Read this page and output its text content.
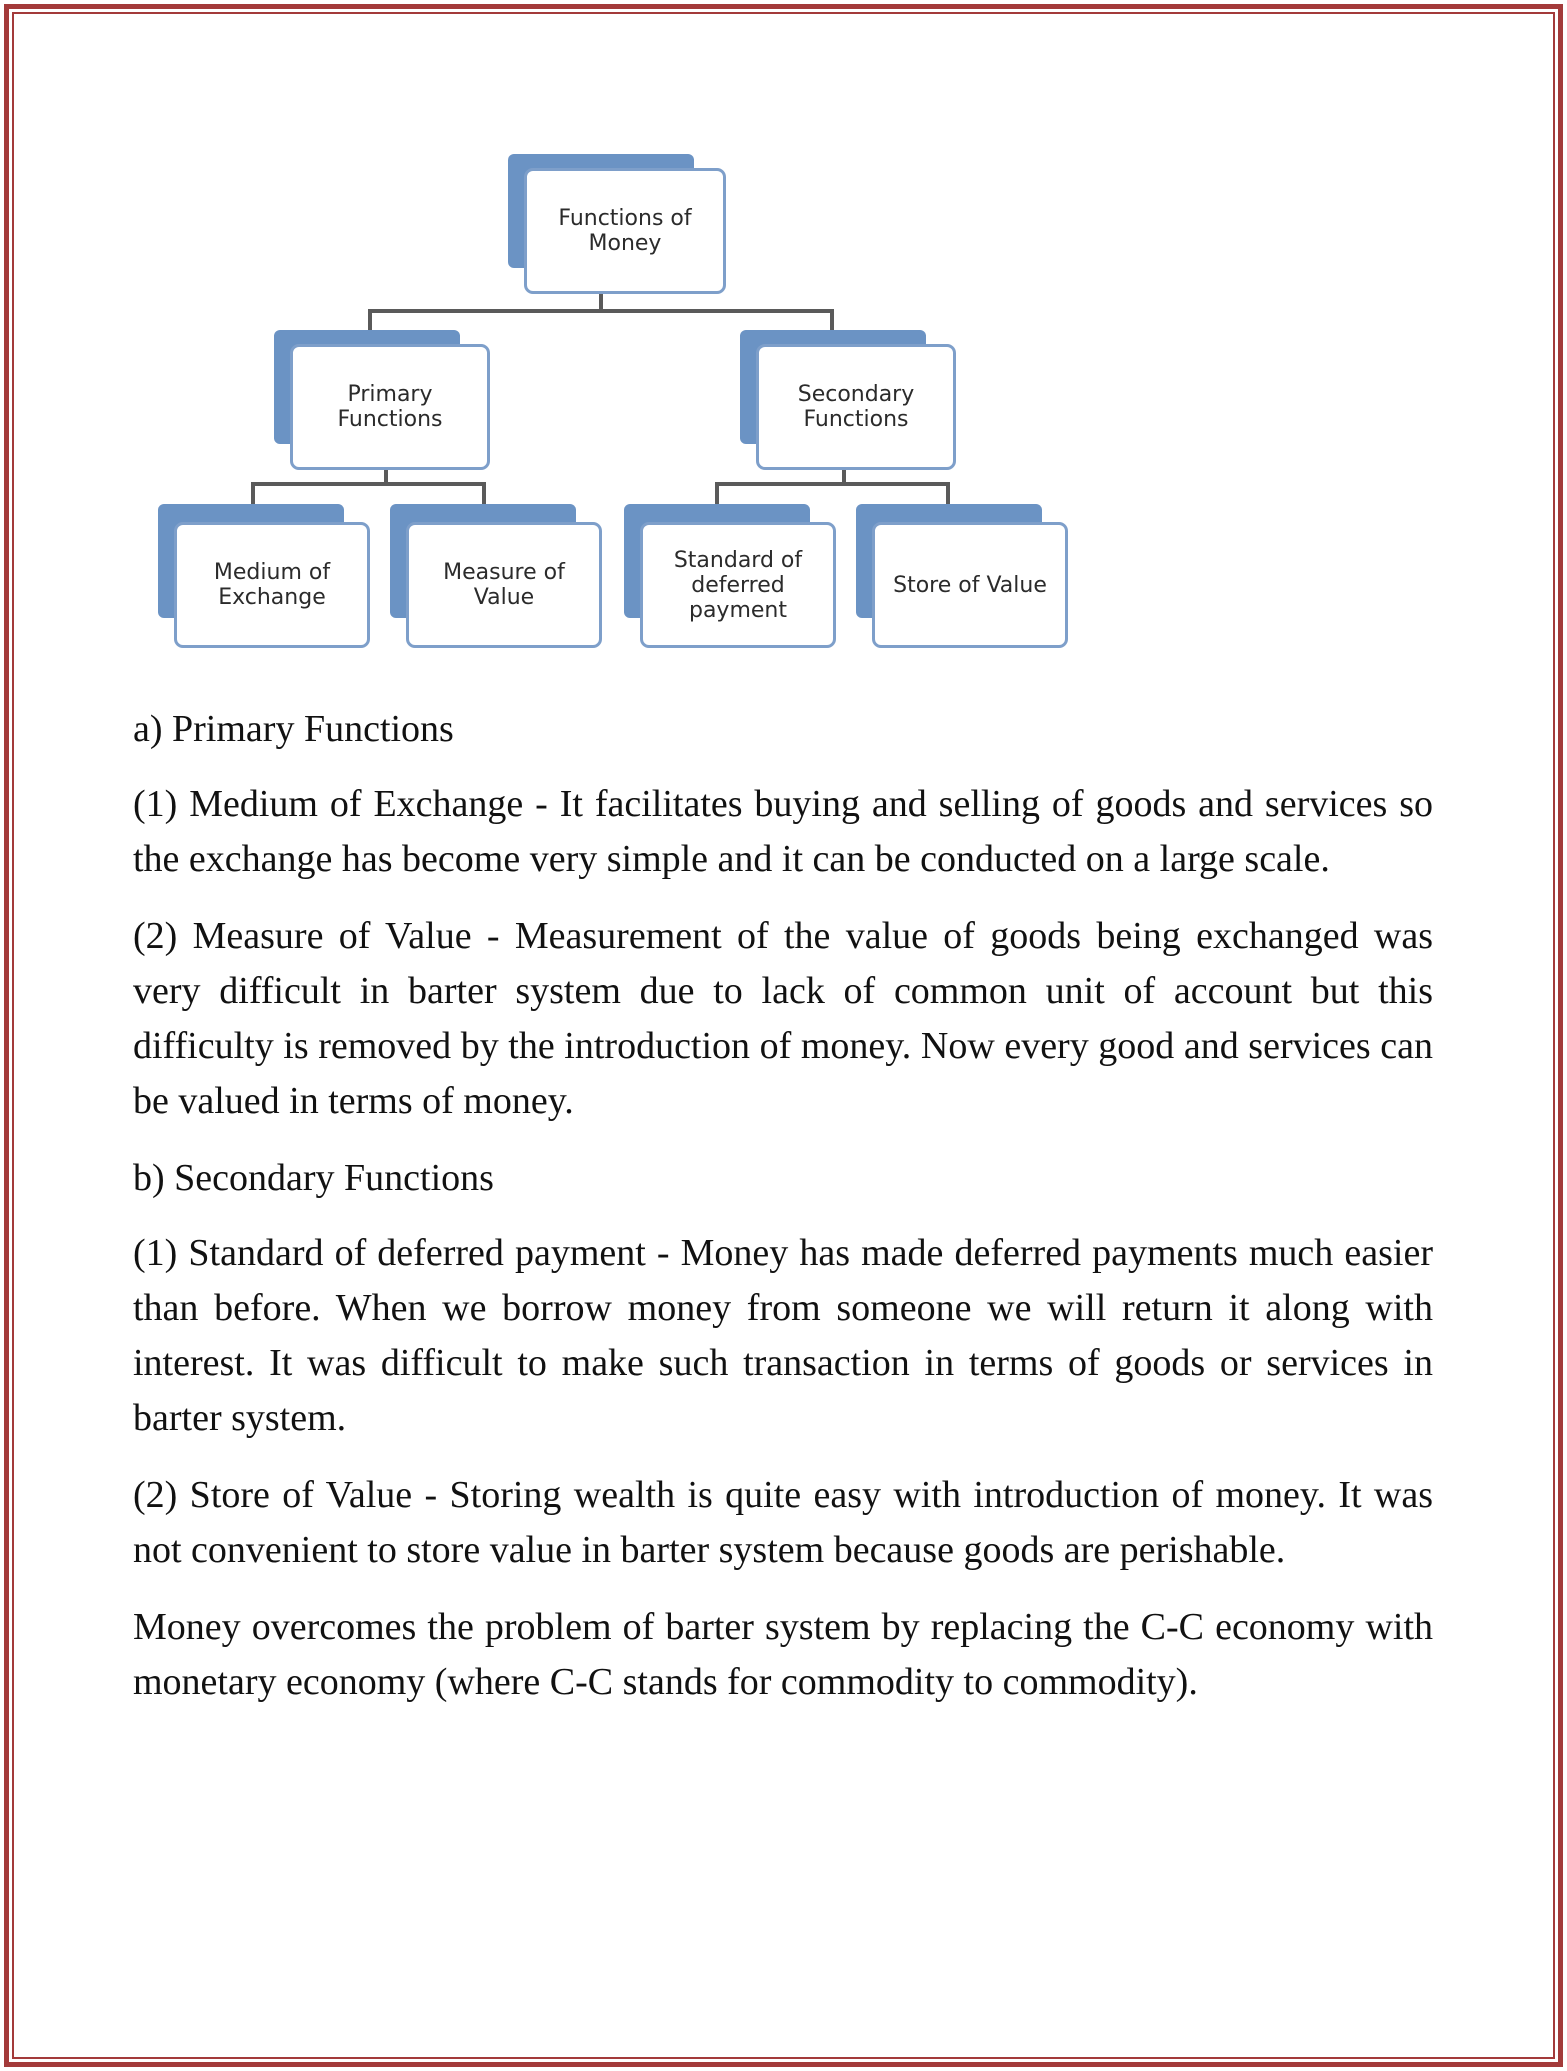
Functions of
Money
Primary
Functions
Secondary
Functions
Medium of
Exchange
Measure of
Value
Standard of
deferred
payment
Store of Value

a) Primary Functions

(1) Medium of Exchange - It facilitates buying and selling of goods and services so the exchange has become very simple and it can be conducted on a large scale.

(2) Measure of Value - Measurement of the value of goods being exchanged was very difficult in barter system due to lack of common unit of account but this difficulty is removed by the introduction of money. Now every good and services can be valued in terms of money.

b) Secondary Functions

(1) Standard of deferred payment - Money has made deferred payments much easier than before. When we borrow money from someone we will return it along with interest. It was difficult to make such transaction in terms of goods or services in barter system.

(2) Store of Value - Storing wealth is quite easy with introduction of money. It was not convenient to store value in barter system because goods are perishable.

Money overcomes the problem of barter system by replacing the C-C economy with monetary economy (where C-C stands for commodity to commodity).
